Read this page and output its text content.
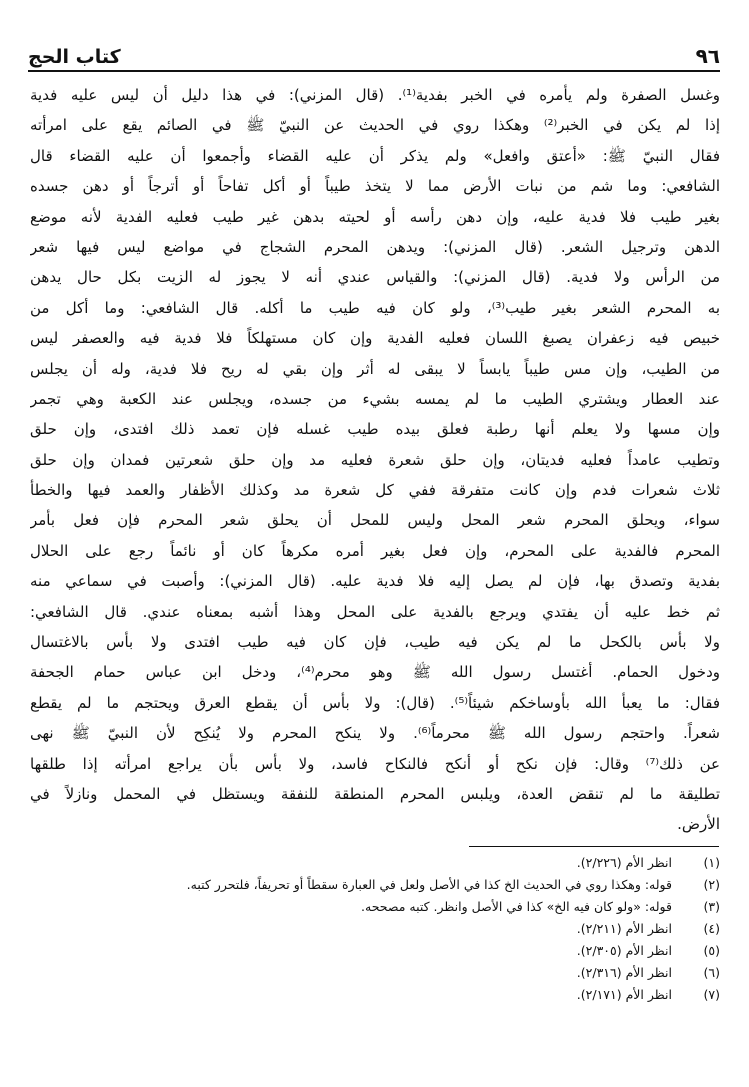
٩٦
كتاب الحج
وغسل الصفرة ولم يأمره في الخبر بفدية⁽¹⁾. (قال المزني): في هذا دليل أن ليس عليه فدية
إذا لم يكن في الخبر⁽²⁾ وهكذا روي في الحديث عن النبيّ ﷺ في الصائم يقع على امرأته
فقال النبيّ ﷺ: «أعتق وافعل» ولم يذكر أن عليه القضاء وأجمعوا أن عليه القضاء قال
الشافعي: وما شم من نبات الأرض مما لا يتخذ طيباً أو أكل تفاحاً أو أترجاً أو دهن جسده
بغير طيب فلا فدية عليه، وإن دهن رأسه أو لحيته بدهن غير طيب فعليه الفدية لأنه موضع
الدهن وترجيل الشعر. (قال المزني): ويدهن المحرم الشجاج في مواضع ليس فيها شعر
من الرأس ولا فدية. (قال المزني): والقياس عندي أنه لا يجوز له الزيت بكل حال يدهن
به المحرم الشعر بغير طيب⁽³⁾، ولو كان فيه طيب ما أكله. قال الشافعي: وما أكل من
خبيص فيه زعفران يصبغ اللسان فعليه الفدية وإن كان مستهلكاً فلا فدية فيه والعصفر ليس
من الطيب، وإن مس طيباً يابساً لا يبقى له أثر وإن بقي له ريح فلا فدية، وله أن يجلس
عند العطار ويشتري الطيب ما لم يمسه بشيء من جسده، ويجلس عند الكعبة وهي تجمر
وإن مسها ولا يعلم أنها رطبة فعلق بيده طيب غسله فإن تعمد ذلك افتدى، وإن حلق
وتطيب عامداً فعليه فديتان، وإن حلق شعرة فعليه مد وإن حلق شعرتين فمدان وإن حلق
ثلاث شعرات فدم وإن كانت متفرقة ففي كل شعرة مد وكذلك الأظفار والعمد فيها والخطأ
سواء، ويحلق المحرم شعر المحل وليس للمحل أن يحلق شعر المحرم فإن فعل بأمر
المحرم فالفدية على المحرم، وإن فعل بغير أمره مكرهاً كان أو نائماً رجع على الحلال
بفدية وتصدق بها، فإن لم يصل إليه فلا فدية عليه. (قال المزني): وأصبت في سماعي منه
ثم خط عليه أن يفتدي ويرجع بالفدية على المحل وهذا أشبه بمعناه عندي. قال الشافعي:
ولا بأس بالكحل ما لم يكن فيه طيب، فإن كان فيه طيب افتدى ولا بأس بالاغتسال
ودخول الحمام. أغتسل رسول الله ﷺ وهو محرم⁽⁴⁾، ودخل ابن عباس حمام الجحفة
فقال: ما يعبأ الله بأوساخكم شيئاً⁽⁵⁾. (قال): ولا بأس أن يقطع العرق ويحتجم ما لم يقطع
شعراً. واحتجم رسول الله ﷺ محرماً⁽⁶⁾. ولا ينكح المحرم ولا يُنكِح لأن النبيّ ﷺ نهى
عن ذلك⁽⁷⁾ وقال: فإن نكح أو أنكح فالنكاح فاسد، ولا بأس بأن يراجع امرأته إذا طلقها
تطليقة ما لم تنقض العدة، ويلبس المحرم المنطقة للنفقة ويستظل في المحمل ونازلاً في
الأرض.
(١)
انظر الأم (٢/٢٢٦).
(٢)
قوله: وهكذا روي في الحديث الخ كذا في الأصل ولعل في العبارة سقطاً أو تحريفاً، فلتحرر كتبه.
(٣)
قوله: «ولو كان فيه الخ» كذا في الأصل وانظر. كتبه مصححه.
(٤)
انظر الأم (٢/٢١١).
(٥)
انظر الأم (٢/٣٠٥).
(٦)
انظر الأم (٢/٣١٦).
(٧)
انظر الأم (٢/١٧١).
